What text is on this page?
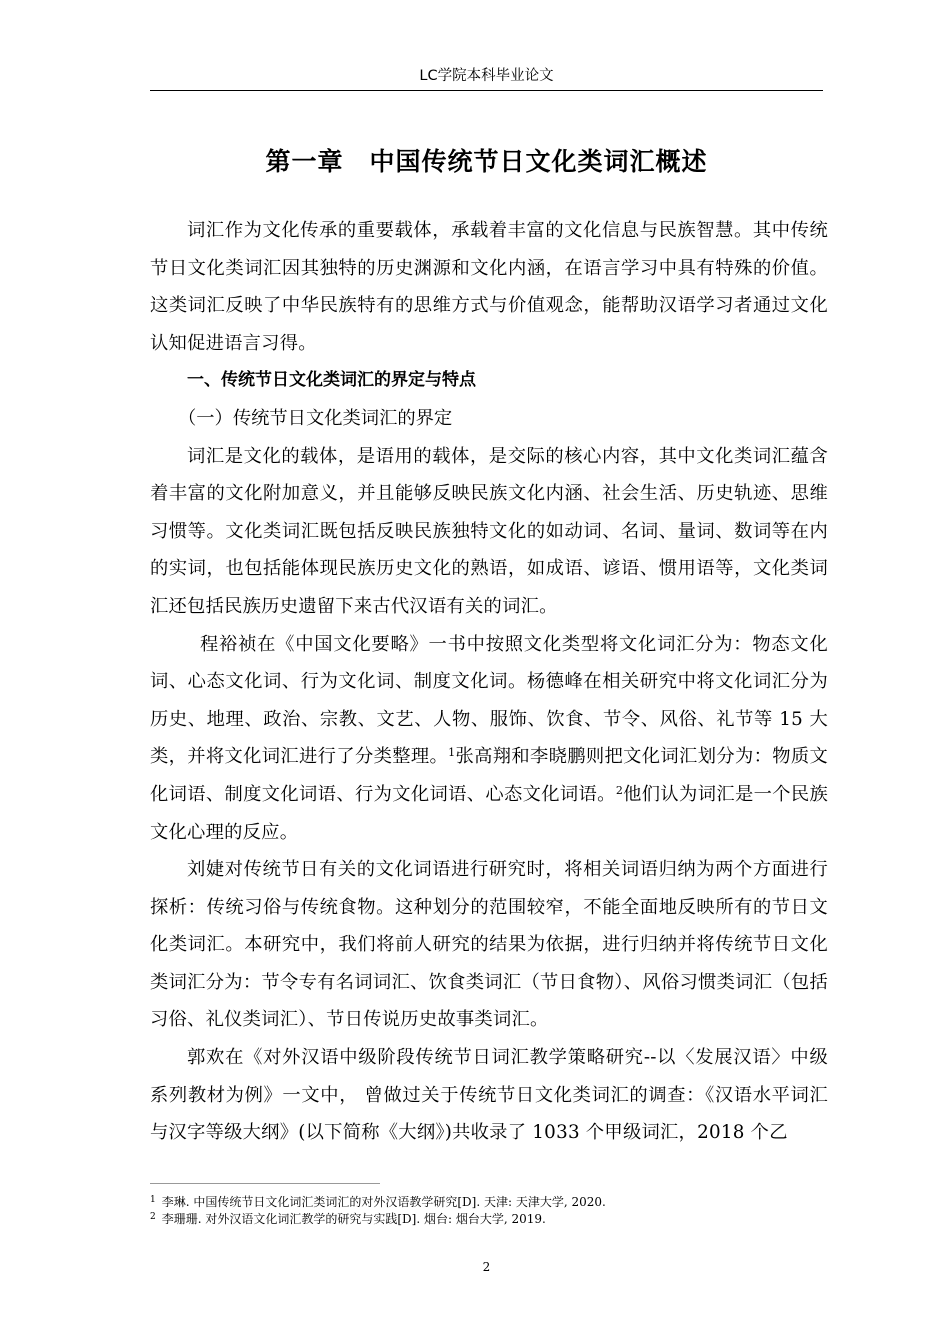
LC学院本科毕业论文
第一章 中国传统节日文化类词汇概述

词汇作为文化传承的重要载体，承载着丰富的文化信息与民族智慧。其中传统节日文化类词汇因其独特的历史渊源和文化内涵，在语言学习中具有特殊的价值。这类词汇反映了中华民族特有的思维方式与价值观念，能帮助汉语学习者通过文化认知促进语言习得。

一、传统节日文化类词汇的界定与特点
（一）传统节日文化类词汇的界定

词汇是文化的载体，是语用的载体，是交际的核心内容，其中文化类词汇蕴含着丰富的文化附加意义，并且能够反映民族文化内涵、社会生活、历史轨迹、思维习惯等。文化类词汇既包括反映民族独特文化的如动词、名词、量词、数词等在内的实词，也包括能体现民族历史文化的熟语，如成语、谚语、惯用语等，文化类词汇还包括民族历史遗留下来古代汉语有关的词汇。

程裕祯在《中国文化要略》一书中按照文化类型将文化词汇分为：物态文化词、心态文化词、行为文化词、制度文化词。杨德峰在相关研究中将文化词汇分为历史、地理、政治、宗教、文艺、人物、服饰、饮食、节令、风俗、礼节等 15 大类，并将文化词汇进行了分类整理。$^1$张高翔和李晓鹏则把文化词汇划分为：物质文化词语、制度文化词语、行为文化词语、心态文化词语。$^2$他们认为词汇是一个民族文化心理的反应。

刘婕对传统节日有关的文化词语进行研究时，将相关词语归纳为两个方面进行探析：传统习俗与传统食物。这种划分的范围较窄，不能全面地反映所有的节日文化类词汇。本研究中，我们将前人研究的结果为依据，进行归纳并将传统节日文化类词汇分为：节令专有名词词汇、饮食类词汇（节日食物）、风俗习惯类词汇（包括习俗、礼仪类词汇）、节日传说历史故事类词汇。

郭欢在《对外汉语中级阶段传统节日词汇教学策略研究--以〈发展汉语〉中级系列教材为例》一文中， 曾做过关于传统节日文化类词汇的调查：《汉语水平词汇与汉字等级大纲》(以下简称《大纲》)共收录了 1033 个甲级词汇，2018 个乙

$^1$ 李琳. 中国传统节日文化词汇类词汇的对外汉语教学研究[D]. 天津: 天津大学, 2020.
$^2$ 李珊珊. 对外汉语文化词汇教学的研究与实践[D]. 烟台: 烟台大学, 2019.
2
